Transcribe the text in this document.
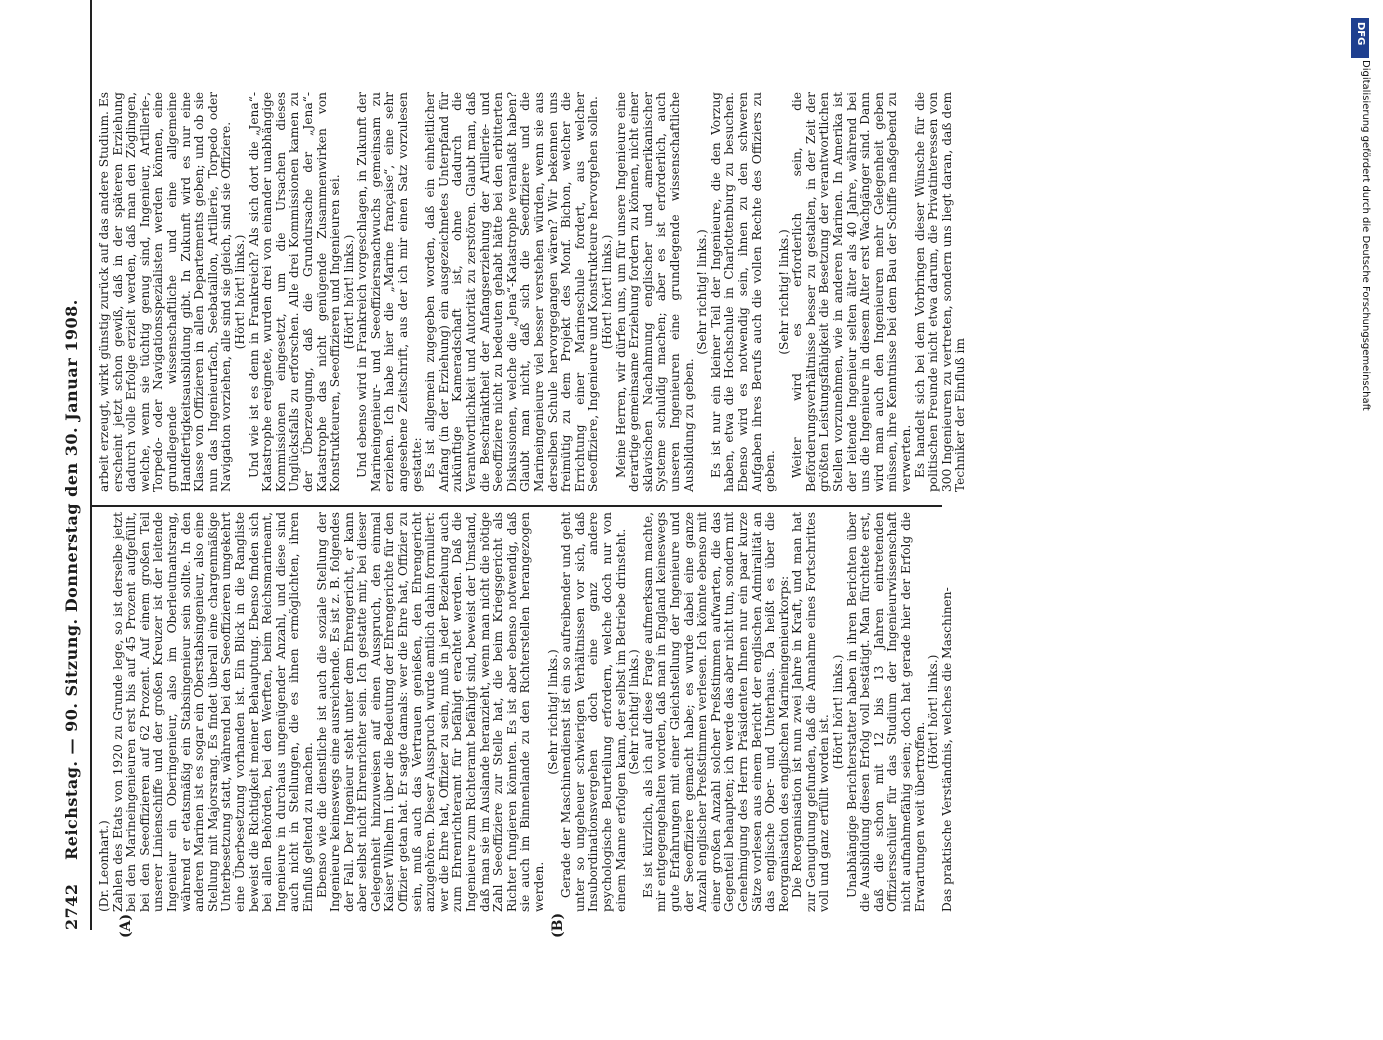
2742
Reichstag. — 90. Sitzung. Donnerstag den 30. Januar 1908.
(A)	(B)

(Dr. Leonhart.) Zahlen des Etats von 1920 zu Grunde lege, so ist derselbe jetzt bei den Marineingenieuren erst bis auf 45 Prozent aufgefüllt, bei den Seeoffizieren auf 62 Prozent. Auf einem großen Teil unserer Linienschiffe und der großen Kreuzer ist der leitende Ingenieur ein Oberingenieur, also im Oberleutnantsrang, während er etatsmäßig ein Stabsingenieur sein sollte. In den anderen Marinen ist es sogar ein Oberstabsingenieur, also eine Stellung mit Majorsrang. Es findet überall eine chargenmäßige Unterbesetzung statt, während bei den Seeoffizieren umgekehrt eine Überbesetzung vorhanden ist. Ein Blick in die Rangliste beweist die Richtigkeit meiner Behauptung. Ebenso finden sich bei allen Behörden, bei den Werften, beim Reichsmarineamt, Ingenieure in durchaus ungenügender Anzahl, und diese sind auch nicht in Stellungen, die es ihnen ermöglichten, ihren Einfluß geltend zu machen. Ebenso wie die dienstliche ist auch die soziale Stellung der Ingenieure keineswegs eine ausreichende. Es ist z. B. folgendes der Fall. Der Ingenieur steht unter dem Ehrengericht, er kann aber selbst nicht Ehrenrichter sein. Ich gestatte mir, bei dieser Gelegenheit hinzuweisen auf einen Ausspruch, den einmal Kaiser Wilhelm I. über die Bedeutung der Ehrengerichte für den Offizier getan hat. Er sagte damals: wer die Ehre hat, Offizier zu sein, muß auch das Vertrauen genießen, den Ehrengericht anzugehören. Dieser Ausspruch wurde amtlich dahin formuliert: wer die Ehre hat, Offizier zu sein, muß in jeder Beziehung auch zum Ehrenrichteramt für befähigt erachtet werden. Daß die Ingenieure zum Richteramt befähigt sind, beweist der Umstand, daß man sie im Auslande heranzieht, wenn man nicht die nötige Zahl Seeoffiziere zur Stelle hat, die beim Kriegsgericht als Richter fungieren könnten. Es ist aber ebenso notwendig, daß sie auch im Binnenlande zu den Richterstellen herangezogen werden.

(Sehr richtig! links.) Gerade der Maschinendienst ist ein so aufreibender und geht unter so ungeheuer schwierigen Verhältnissen vor sich, daß Insubordinationsvergehen doch eine ganz andere psychologische Beurteilung erfordern, welche doch nur von einem Manne erfolgen kann, der selbst im Betriebe drinsteht. (Sehr richtig! links.) Es ist kürzlich, als ich auf diese Frage aufmerksam machte, mir entgegengehalten worden, daß man in England keineswegs gute Erfahrungen mit einer Gleichstellung der Ingenieure und der Seeoffiziere gemacht habe; es wurde dabei eine ganze Anzahl englischer Preßstimmen verlesen. Ich könnte ebenso mit einer großen Anzahl solcher Preßstimmen aufwarten, die das Gegenteil behaupten; ich werde das aber nicht tun, sondern mit Genehmigung des Herrn Präsidenten Ihnen nur ein paar kurze Sätze vorlesen aus einem Bericht der englischen Admiralität an das englische Ober- und Unterhaus. Da heißt es über die Reorganisation des englischen Marineingenieurkorps: Die Reorganisation ist nun zwei Jahre in Kraft, und man hat zur Genugtuung gefunden, daß die Annahme eines Fortschrittes voll und ganz erfüllt worden ist.

(Hört! hört! links.) Unabhängige Berichterstatter haben in ihren Berichten über die Ausbildung diesen Erfolg voll bestätigt. Man fürchtete erst, daß die schon mit 12 bis 13 Jahren eintretenden Offiziersschüler für das Studium der Ingenieurwissenschaft nicht aufnahmefähig seien; doch hat gerade hier der Erfolg die Erwartungen weit übertroffen.

(Hört! hört! links.) Das praktische Verständnis, welches die Maschinen-

arbeit erzeugt, wirkt günstig zurück auf das andere Studium. Es erscheint jetzt schon gewiß, daß in der späteren Erziehung dadurch volle Erfolge erzielt werden, daß man den Zöglingen, welche, wenn sie tüchtig genug sind, Ingenieur, Artillerie-, Torpedo- oder Navigationsspezialisten werden können, eine grundlegende wissenschaftliche und eine allgemeine Handfertigkeitsausbildung gibt. In Zukunft wird es nur eine Klasse von Offizieren in allen Departements geben; und ob sie nun das Ingenieurfach, Seebataillon, Artillerie, Torpedo oder Navigation vorziehen, alle sind sie gleich, sind sie Offiziere. (Hört! hört! links.) Und wie ist es denn in Frankreich? Als sich dort die „Jena“-Katastrophe ereignete, wurden drei von einander unabhängige Kommissionen eingesetzt, um die Ursachen dieses Unglücksfalls zu erforschen. Alle drei Kommissionen kamen zu der Überzeugung, daß die Grundursache der „Jena“-Katastrophe das nicht genügende Zusammenwirken von Konstrukteuren, Seeoffizieren und Ingenieuren sei. (Hört! hört! links.) Und ebenso wird in Frankreich vorgeschlagen, in Zukunft der Marineingenieur- und Seeoffiziersnachwuchs gemeinsam zu erziehen. Ich habe hier die „Marine française“, eine sehr angesehene Zeitschrift, aus der ich mir einen Satz vorzulesen gestatte: Es ist allgemein zugegeben worden, daß ein einheitlicher Anfang (in der Erziehung) ein ausgezeichnetes Unterpfand für zukünftige Kameradschaft ist, ohne dadurch die Verantwortlichkeit und Autorität zu zerstören. Glaubt man, daß die Beschränktheit der Anfangserziehung der Artillerie- und Seeoffiziere nicht zu bedeuten gehabt hätte bei den erbitterten Diskussionen, welche die „Jena“-Katastrophe veranlaßt haben? Glaubt man nicht, daß sich die Seeoffiziere und die Marineingenieure viel besser verstehen würden, wenn sie aus derselben Schule hervorgegangen wären? Wir bekennen uns freimütig zu dem Projekt des Monf. Bichon, welcher die Errichtung einer Marineschule fordert, aus welcher Seeoffiziere, Ingenieure und Konstrukteure hervorgehen sollen. (Hört! hört! links.) Meine Herren, wir dürfen uns, um für unsere Ingenieure eine derartige gemeinsame Erziehung fordern zu können, nicht einer sklavischen Nachahmung englischer und amerikanischer Systeme schuldig machen; aber es ist erforderlich, auch unseren Ingenieuren eine grundlegende wissenschaftliche Ausbildung zu geben.

(Sehr richtig! links.) Es ist nur ein kleiner Teil der Ingenieure, die den Vorzug haben, etwa die Hochschule in Charlottenburg zu besuchen. Ebenso wird es notwendig sein, ihnen zu den schweren Aufgaben ihres Berufs auch die vollen Rechte des Offiziers zu geben.

(Sehr richtig! links.) Weiter wird es erforderlich sein, die Beförderungsverhältnisse besser zu gestalten, in der Zeit der größten Leistungsfähigkeit die Besetzung der verantwortlichen Stellen vorzunehmen, wie in anderen Marinen. In Amerika ist der leitende Ingenieur selten älter als 40 Jahre, während bei uns die Ingenieure in diesem Alter erst Wachgänger sind. Dann wird man auch den Ingenieuren mehr Gelegenheit geben müssen, ihre Kenntnisse bei dem Bau der Schiffe maßgebend zu verwerten. Es handelt sich bei dem Vorbringen dieser Wünsche für die politischen Freunde nicht etwa darum, die Privatinteressen von 300 Ingenieuren zu vertreten, sondern uns liegt daran, daß dem Techniker der Einfluß im

DFG
Digitalisierung gefördert durch die Deutsche Forschungsgemeinschaft
